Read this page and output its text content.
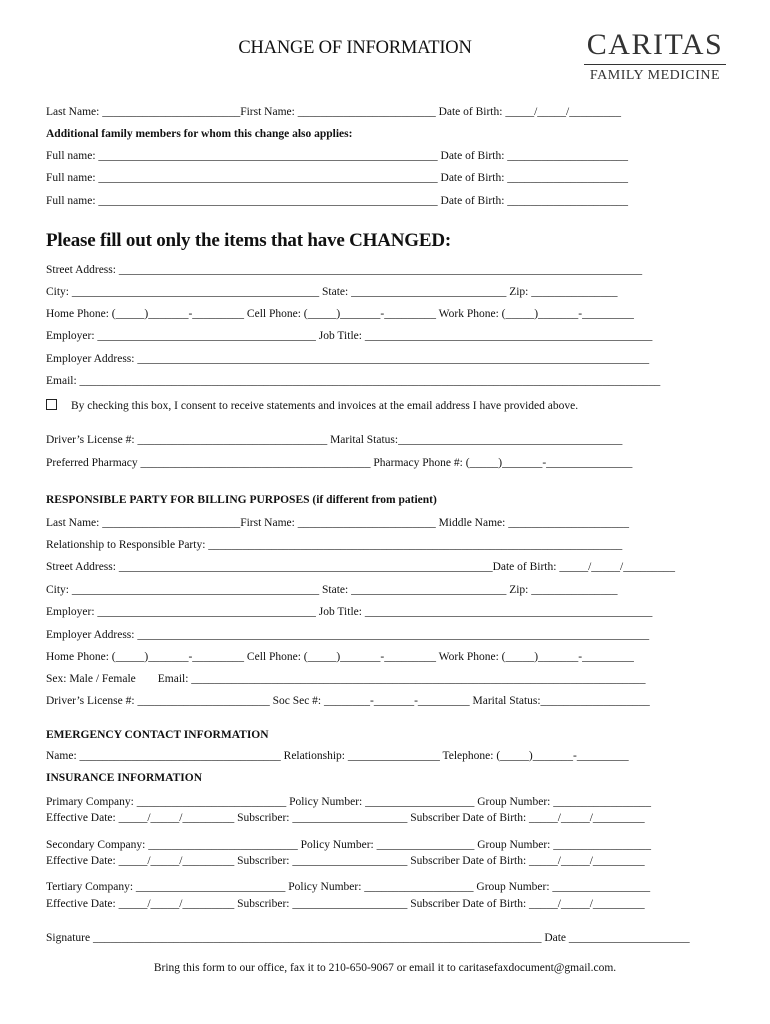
CHANGE OF INFORMATION	CARITAS
FAMILY MEDICINE
Last Name: ________________________First Name: ________________________ Date of Birth: _____/_____/_________
Additional family members for whom this change also applies:
Full name: ___________________________________________________________ Date of Birth: _____________________
Full name: ___________________________________________________________ Date of Birth: _____________________
Full name: ___________________________________________________________ Date of Birth: _____________________
Please fill out only the items that have CHANGED:
Street Address: ___________________________________________________________________________________________
City: ___________________________________________ State: ___________________________ Zip: _______________
Home Phone: (_____)_______-_________ Cell Phone: (_____)_______-_________ Work Phone: (_____)_______-_________
Employer: ______________________________________ Job Title: __________________________________________________
Employer Address: _________________________________________________________________________________________
Email: _____________________________________________________________________________________________________
By checking this box, I consent to receive statements and invoices at the email address I have provided above.
Driver’s License #: _________________________________ Marital Status:_______________________________________
Preferred Pharmacy ________________________________________ Pharmacy Phone #: (_____)_______-_______________
RESPONSIBLE PARTY FOR BILLING PURPOSES (if different from patient)
Last Name: ________________________First Name: ________________________ Middle Name: _____________________
Relationship to Responsible Party: ________________________________________________________________________
Street Address: _________________________________________________________________Date of Birth: _____/_____/_________
City: ___________________________________________ State: ___________________________ Zip: _______________
Employer: ______________________________________ Job Title: __________________________________________________
Employer Address: _________________________________________________________________________________________
Home Phone: (_____)_______-_________ Cell Phone: (_____)_______-_________ Work Phone: (_____)_______-_________
Sex: Male / Female Email: _______________________________________________________________________________
Driver’s License #: _______________________ Soc Sec #: ________-_______-_________ Marital Status:___________________
EMERGENCY CONTACT INFORMATION
Name: ___________________________________ Relationship: ________________ Telephone: (_____)_______-_________
INSURANCE INFORMATION
Primary Company: __________________________ Policy Number: ___________________ Group Number: _________________
Effective Date: _____/_____/_________ Subscriber: ____________________ Subscriber Date of Birth: _____/_____/_________
Secondary Company: __________________________ Policy Number: _________________ Group Number: _________________
Effective Date: _____/_____/_________ Subscriber: ____________________ Subscriber Date of Birth: _____/_____/_________
Tertiary Company: __________________________ Policy Number: ___________________ Group Number: _________________
Effective Date: _____/_____/_________ Subscriber: ____________________ Subscriber Date of Birth: _____/_____/_________
Signature ______________________________________________________________________________ Date _____________________
Bring this form to our office, fax it to 210-650-9067 or email it to caritasefaxdocument@gmail.com.
